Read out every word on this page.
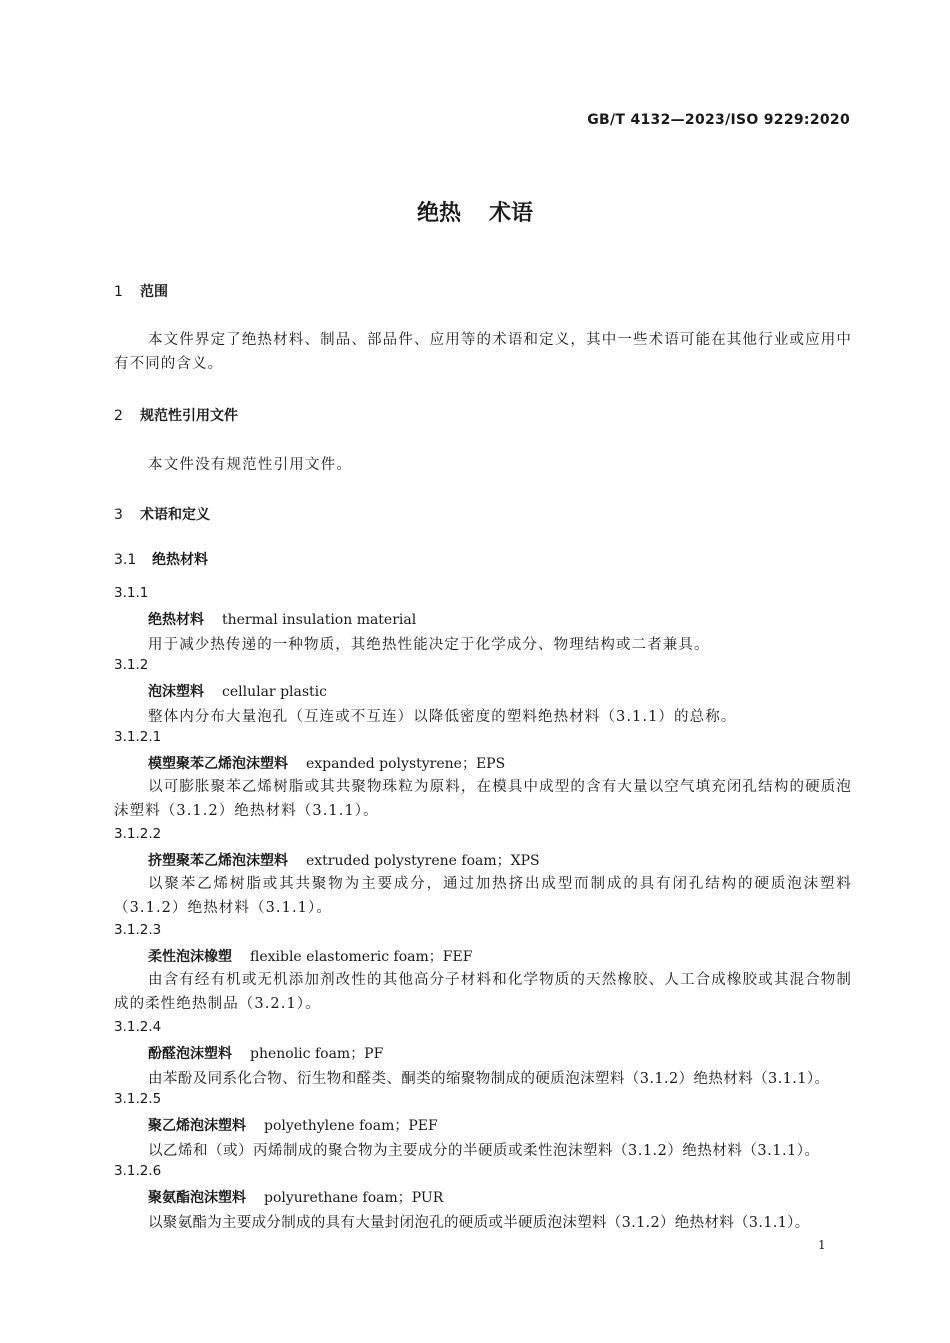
GB/T 4132—2023/ISO 9229:2020
绝热 术语
1 范围
本文件界定了绝热材料、制品、部品件、应用等的术语和定义，其中一些术语可能在其他行业或应用中有不同的含义。
2 规范性引用文件
本文件没有规范性引用文件。
3 术语和定义
3.1 绝热材料
3.1.1
绝热材料 thermal insulation material
用于减少热传递的一种物质，其绝热性能决定于化学成分、物理结构或二者兼具。
3.1.2
泡沫塑料 cellular plastic
整体内分布大量泡孔（互连或不互连）以降低密度的塑料绝热材料（3.1.1）的总称。
3.1.2.1
模塑聚苯乙烯泡沫塑料 expanded polystyrene；EPS
以可膨胀聚苯乙烯树脂或其共聚物珠粒为原料，在模具中成型的含有大量以空气填充闭孔结构的硬质泡沫塑料（3.1.2）绝热材料（3.1.1）。
3.1.2.2
挤塑聚苯乙烯泡沫塑料 extruded polystyrene foam；XPS
以聚苯乙烯树脂或其共聚物为主要成分，通过加热挤出成型而制成的具有闭孔结构的硬质泡沫塑料（3.1.2）绝热材料（3.1.1）。
3.1.2.3
柔性泡沫橡塑 flexible elastomeric foam；FEF
由含有经有机或无机添加剂改性的其他高分子材料和化学物质的天然橡胶、人工合成橡胶或其混合物制成的柔性绝热制品（3.2.1）。
3.1.2.4
酚醛泡沫塑料 phenolic foam；PF
由苯酚及同系化合物、衍生物和醛类、酮类的缩聚物制成的硬质泡沫塑料（3.1.2）绝热材料（3.1.1）。
3.1.2.5
聚乙烯泡沫塑料 polyethylene foam；PEF
以乙烯和（或）丙烯制成的聚合物为主要成分的半硬质或柔性泡沫塑料（3.1.2）绝热材料（3.1.1）。
3.1.2.6
聚氨酯泡沫塑料 polyurethane foam；PUR
以聚氨酯为主要成分制成的具有大量封闭泡孔的硬质或半硬质泡沫塑料（3.1.2）绝热材料（3.1.1）。
1
